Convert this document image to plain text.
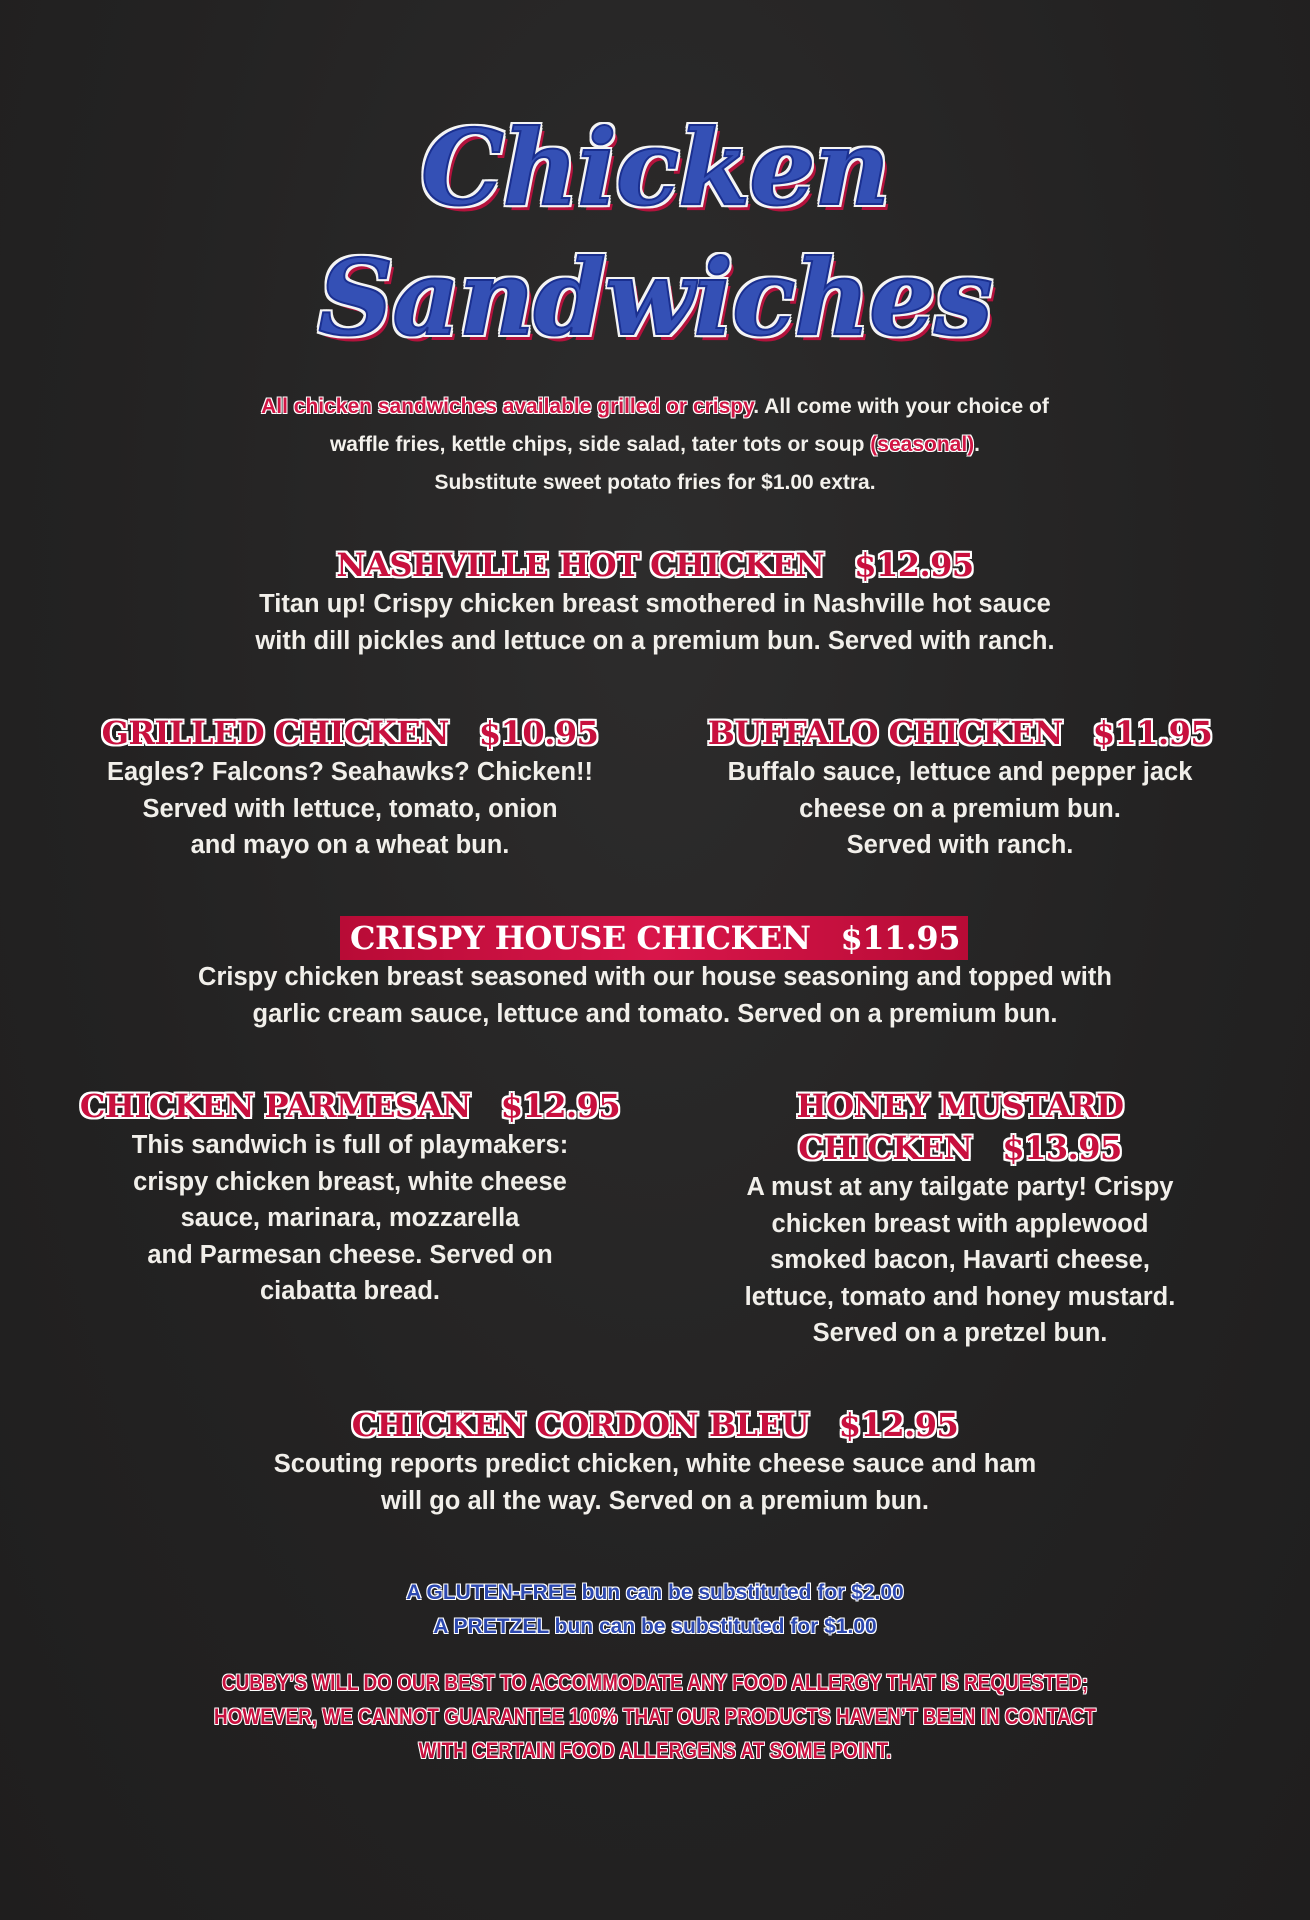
Chicken
Sandwiches
All chicken sandwiches available grilled or crispy. All come with your choice of
waffle fries, kettle chips, side salad, tater tots or soup (seasonal).
Substitute sweet potato fries for $1.00 extra.
NASHVILLE HOT CHICKEN $12.95
Titan up! Crispy chicken breast smothered in Nashville hot sauce
with dill pickles and lettuce on a premium bun. Served with ranch.
GRILLED CHICKEN $10.95
Eagles? Falcons? Seahawks? Chicken!!
Served with lettuce, tomato, onion
and mayo on a wheat bun.
BUFFALO CHICKEN $11.95
Buffalo sauce, lettuce and pepper jack
cheese on a premium bun.
Served with ranch.
CRISPY HOUSE CHICKEN $11.95
Crispy chicken breast seasoned with our house seasoning and topped with
garlic cream sauce, lettuce and tomato. Served on a premium bun.
CHICKEN PARMESAN $12.95
This sandwich is full of playmakers:
crispy chicken breast, white cheese
sauce, marinara, mozzarella
and Parmesan cheese. Served on
ciabatta bread.
HONEY MUSTARD
CHICKEN $13.95
A must at any tailgate party! Crispy
chicken breast with applewood
smoked bacon, Havarti cheese,
lettuce, tomato and honey mustard.
Served on a pretzel bun.
CHICKEN CORDON BLEU $12.95
Scouting reports predict chicken, white cheese sauce and ham
will go all the way. Served on a premium bun.
A GLUTEN-FREE bun can be substituted for $2.00
A PRETZEL bun can be substituted for $1.00
CUBBY’S WILL DO OUR BEST TO ACCOMMODATE ANY FOOD ALLERGY THAT IS REQUESTED;
HOWEVER, WE CANNOT GUARANTEE 100% THAT OUR PRODUCTS HAVEN’T BEEN IN CONTACT
WITH CERTAIN FOOD ALLERGENS AT SOME POINT.
